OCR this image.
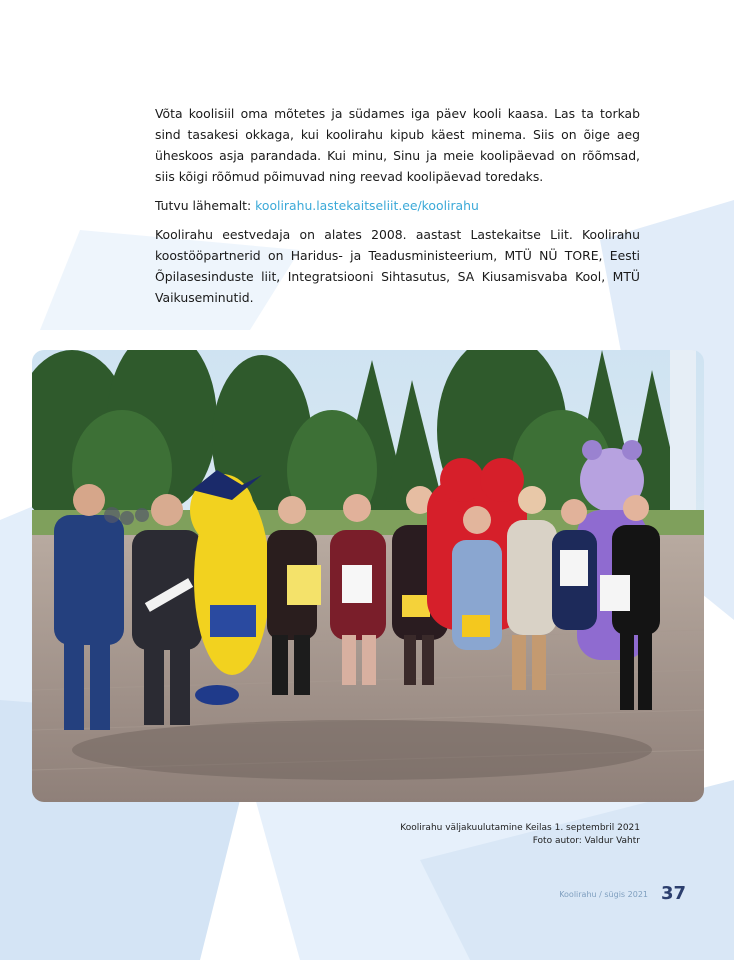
Võta koolisiil oma mõtetes ja südames iga päev kooli kaasa. Las ta torkab sind tasakesi okkaga, kui koolirahu kipub käest minema. Siis on õige aeg üheskoos asja parandada. Kui minu, Sinu ja meie koolipäevad on rõõmsad, siis kõigi rõõmud põimuvad ning reevad koolipäevad toredaks.

Tutvu lähemalt: koolirahu.lastekaitseliit.ee/koolirahu

Koolirahu eestvedaja on alates 2008. aastast Lastekaitse Liit. Koolirahu koostööpartnerid on Haridus- ja Teadusministeerium, MTÜ NÜ TORE, Eesti Õpilasesinduste liit, Integratsiooni Sihtasutus, SA Kiusamisvaba Kool, MTÜ Vaikuseminutid.

Koolirahu väljakuulutamine Keilas 1. septembril 2021
Foto autor: Valdur Vahtr
Koolirahu / sügis 2021 37
